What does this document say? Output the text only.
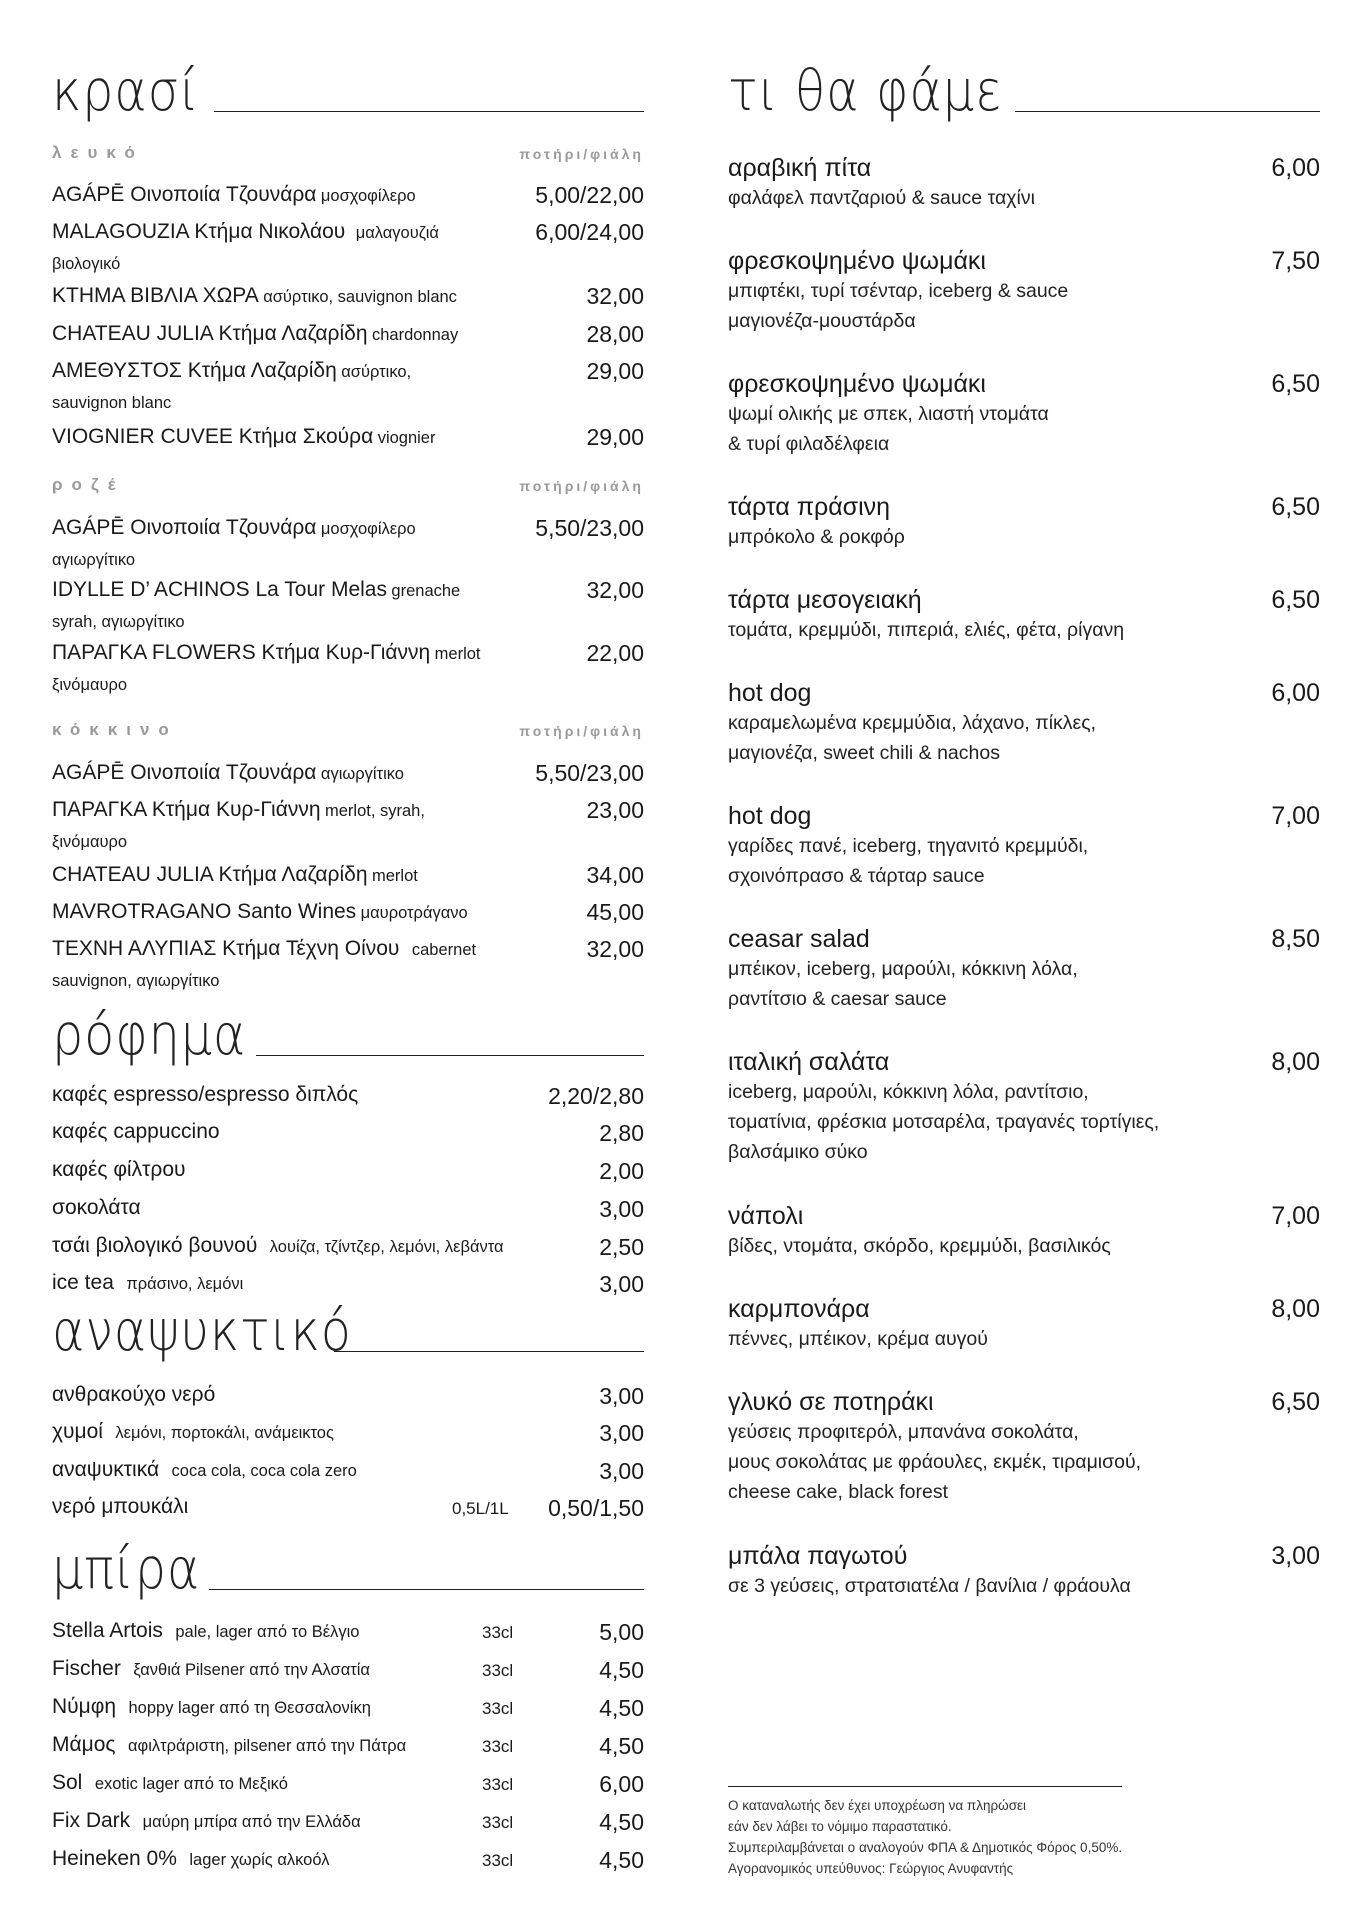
κρασί
λευκό	ποτήρι/φιάλη
AGÁPĒ Οινοποιία Τζουνάρα μοσχοφίλερο	5,00/22,00
MALAGOUZIA Κτήμα Νικολάου μαλαγουζιά	6,00/24,00
βιολογικό
ΚΤΗΜΑ ΒΙΒΛΙΑ ΧΩΡΑ ασύρτικο, sauvignon blanc	32,00
CHATEAU JULIA Κτήμα Λαζαρίδη chardonnay	28,00
ΑΜΕΘΥΣΤΟΣ Κτήμα Λαζαρίδη ασύρτικο,	29,00
sauvignon blanc
VIOGNIER CUVEE Κτήμα Σκούρα viognier	29,00
ροζέ	ποτήρι/φιάλη
AGÁPĒ Οινοποιία Τζουνάρα μοσχοφίλερο	5,50/23,00
αγιωργίτικο
IDYLLE D’ ACHINOS La Tour Melas grenache	32,00
syrah, αγιωργίτικο
ΠΑΡΑΓΚΑ FLOWERS Κτήμα Κυρ-Γιάννη merlot	22,00
ξινόμαυρο
κόκκινο	ποτήρι/φιάλη
AGÁPĒ Οινοποιία Τζουνάρα αγιωργίτικο	5,50/23,00
ΠΑΡΑΓΚΑ Κτήμα Κυρ-Γιάννη merlot, syrah,	23,00
ξινόμαυρο
CHATEAU JULIA Κτήμα Λαζαρίδη merlot	34,00
MAVROTRAGANO Santo Wines μαυροτράγανο	45,00
ΤΕΧΝΗ ΑΛΥΠΙΑΣ Κτήμα Τέχνη Οίνου cabernet	32,00
sauvignon, αγιωργίτικο
ρόφημα
καφές espresso/espresso διπλός	2,20/2,80
καφές cappuccino	2,80
καφές φίλτρου	2,00
σοκολάτα	3,00
τσάι βιολογικό βουνού λουίζα, τζίντζερ, λεμόνι, λεβάντα	2,50
ice tea πράσινο, λεμόνι	3,00
αναψυκτικό
ανθρακούχο νερό	3,00
χυμοί λεμόνι, πορτοκάλι, ανάμεικτος	3,00
αναψυκτικά coca cola, coca cola zero	3,00
νερό μπουκάλι	0,5L/1L 0,50/1,50
μπίρα
Stella Artois pale, lager από το Βέλγιο	33cl	5,00
Fischer ξανθιά Pilsener από την Αλσατία	33cl	4,50
Νύμφη hoppy lager από τη Θεσσαλονίκη	33cl	4,50
Μάμος αφιλτράριστη, pilsener από την Πάτρα	33cl	4,50
Sol exotic lager από το Μεξικό	33cl	6,00
Fix Dark μαύρη μπίρα από την Ελλάδα	33cl	4,50
Heineken 0% lager χωρίς αλκοόλ	33cl	4,50
τι θα φάμε
αραβική πίτα	6,00
φαλάφελ παντζαριού & sauce ταχίνι
φρεσκοψημένο ψωμάκι	7,50
μπιφτέκι, τυρί τσένταρ, iceberg & sauce
μαγιονέζα-μουστάρδα
φρεσκοψημένο ψωμάκι	6,50
ψωμί ολικής με σπεκ, λιαστή ντομάτα
& τυρί φιλαδέλφεια
τάρτα πράσινη	6,50
μπρόκολο & ροκφόρ
τάρτα μεσογειακή	6,50
τομάτα, κρεμμύδι, πιπεριά, ελιές, φέτα, ρίγανη
hot dog	6,00
καραμελωμένα κρεμμύδια, λάχανο, πίκλες,
μαγιονέζα, sweet chili & nachos
hot dog	7,00
γαρίδες πανέ, iceberg, τηγανιτό κρεμμύδι,
σχοινόπρασο & τάρταρ sauce
ceasar salad	8,50
μπέικον, iceberg, μαρούλι, κόκκινη λόλα,
ραντίτσιο & caesar sauce
ιταλική σαλάτα	8,00
iceberg, μαρούλι, κόκκινη λόλα, ραντίτσιο,
τοματίνια, φρέσκια μοτσαρέλα, τραγανές τορτίγιες,
βαλσάμικο σύκο
νάπολι	7,00
βίδες, ντομάτα, σκόρδο, κρεμμύδι, βασιλικός
καρμπονάρα	8,00
πέννες, μπέικον, κρέμα αυγού
γλυκό σε ποτηράκι	6,50
γεύσεις προφιτερόλ, μπανάνα σοκολάτα,
μους σοκολάτας με φράουλες, εκμέκ, τιραμισού,
cheese cake, black forest
μπάλα παγωτού	3,00
σε 3 γεύσεις, στρατσιατέλα / βανίλια / φράουλα
Ο καταναλωτής δεν έχει υποχρέωση να πληρώσει
εάν δεν λάβει το νόμιμο παραστατικό.
Συμπεριλαμβάνεται ο αναλογούν ΦΠΑ & Δημοτικός Φόρος 0,50%.
Αγορανομικός υπεύθυνος: Γεώργιος Ανυφαντής
